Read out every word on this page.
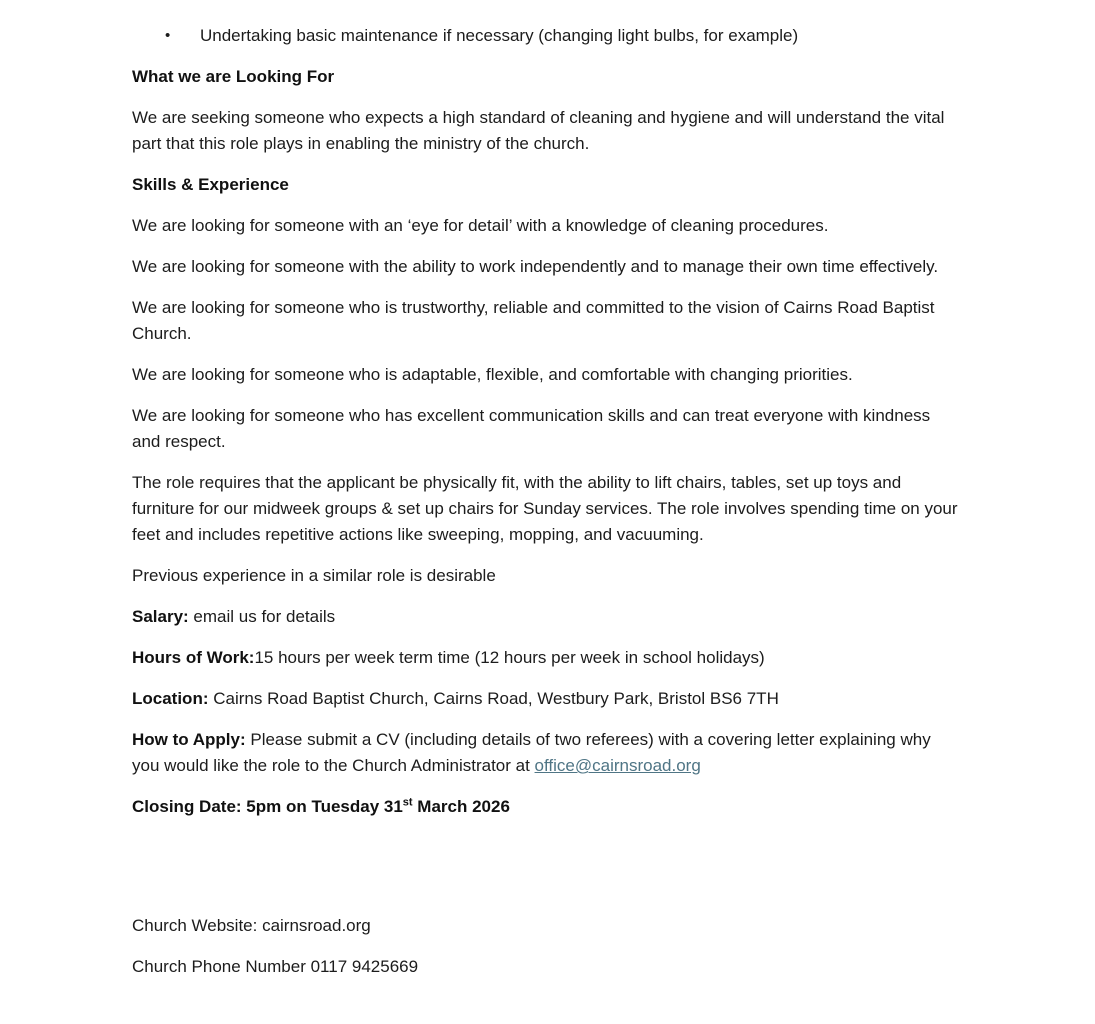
•	Undertaking basic maintenance if necessary (changing light bulbs, for example)

What we are Looking For

We are seeking someone who expects a high standard of cleaning and hygiene and will understand the vital part that this role plays in enabling the ministry of the church.

Skills & Experience

We are looking for someone with an ‘eye for detail’ with a knowledge of cleaning procedures.

We are looking for someone with the ability to work independently and to manage their own time effectively.

We are looking for someone who is trustworthy, reliable and committed to the vision of Cairns Road Baptist Church.

We are looking for someone who is adaptable, flexible, and comfortable with changing priorities.

We are looking for someone who has excellent communication skills and can treat everyone with kindness and respect.

The role requires that the applicant be physically fit, with the ability to lift chairs, tables, set up toys and furniture for our midweek groups & set up chairs for Sunday services. The role involves spending time on your feet and includes repetitive actions like sweeping, mopping, and vacuuming.

Previous experience in a similar role is desirable

Salary: email us for details

Hours of Work:15 hours per week term time (12 hours per week in school holidays)

Location: Cairns Road Baptist Church, Cairns Road, Westbury Park, Bristol BS6 7TH

How to Apply: Please submit a CV (including details of two referees) with a covering letter explaining why you would like the role to the Church Administrator at office@cairnsroad.org

Closing Date: 5pm on Tuesday 31st March 2026

Church Website: cairnsroad.org

Church Phone Number 0117 9425669
